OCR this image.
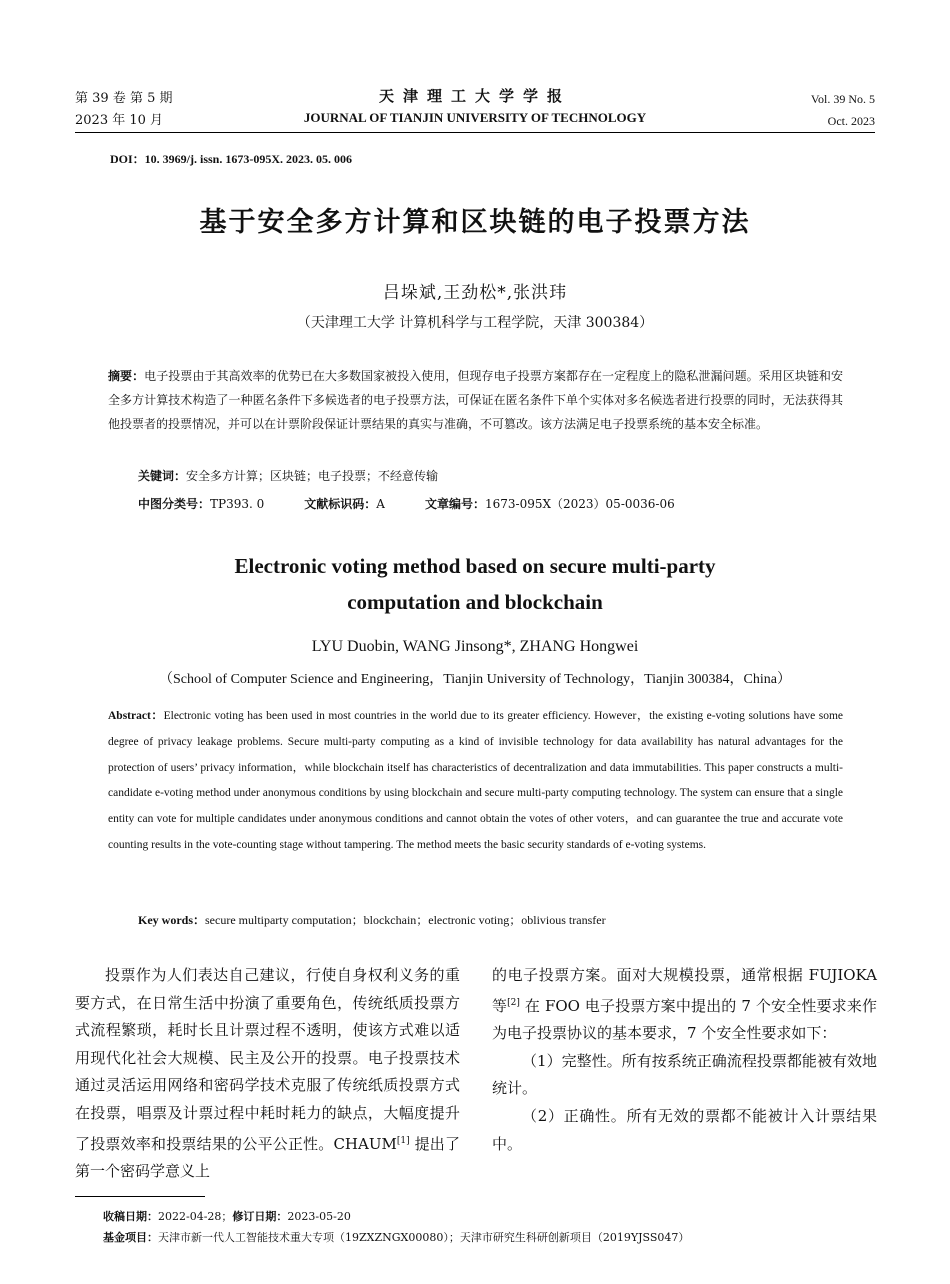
第 39 卷 第 5 期
2023 年 10 月
天津理工大学学报
JOURNAL OF TIANJIN UNIVERSITY OF TECHNOLOGY
Vol. 39 No. 5
Oct. 2023
DOI：10. 3969/j. issn. 1673-095X. 2023. 05. 006
基于安全多方计算和区块链的电子投票方法
吕垛斌,王劲松*,张洪玮
（天津理工大学 计算机科学与工程学院，天津 300384）
摘要：电子投票由于其高效率的优势已在大多数国家被投入使用，但现存电子投票方案都存在一定程度上的隐私泄漏问题。采用区块链和安全多方计算技术构造了一种匿名条件下多候选者的电子投票方法，可保证在匿名条件下单个实体对多名候选者进行投票的同时，无法获得其他投票者的投票情况，并可以在计票阶段保证计票结果的真实与准确，不可篡改。该方法满足电子投票系统的基本安全标准。
关键词：安全多方计算；区块链；电子投票；不经意传输
中图分类号：TP393. 0	文献标识码：A	文章编号：1673-095X（2023）05-0036-06
Electronic voting method based on secure multi-party
computation and blockchain
LYU Duobin, WANG Jinsong*, ZHANG Hongwei
（School of Computer Science and Engineering，Tianjin University of Technology，Tianjin 300384，China）
Abstract：Electronic voting has been used in most countries in the world due to its greater efficiency. However，the existing e-voting solutions have some degree of privacy leakage problems. Secure multi-party computing as a kind of invisible technology for data availability has natural advantages for the protection of users’ privacy information，while blockchain itself has characteristics of decentralization and data immutabilities. This paper constructs a multi-candidate e-voting method under anonymous conditions by using blockchain and secure multi-party computing technology. The system can ensure that a single entity can vote for multiple candidates under anonymous conditions and cannot obtain the votes of other voters，and can guarantee the true and accurate vote counting results in the vote-counting stage without tampering. The method meets the basic security standards of e-voting systems.
Key words：secure multiparty computation；blockchain；electronic voting；oblivious transfer

投票作为人们表达自己建议，行使自身权利义务的重要方式，在日常生活中扮演了重要角色，传统纸质投票方式流程繁琐，耗时长且计票过程不透明，使该方式难以适用现代化社会大规模、民主及公开的投票。电子投票技术通过灵活运用网络和密码学技术克服了传统纸质投票方式在投票，唱票及计票过程中耗时耗力的缺点，大幅度提升了投票效率和投票结果的公平公正性。CHAUM[1] 提出了第一个密码学意义上

的电子投票方案。面对大规模投票，通常根据 FUJIOKA 等[2] 在 FOO 电子投票方案中提出的 7 个安全性要求来作为电子投票协议的基本要求，7 个安全性要求如下：

（1）完整性。所有按系统正确流程投票都能被有效地统计。

（2）正确性。所有无效的票都不能被计入计票结果中。

收稿日期：2022-04-28；修订日期：2023-05-20
基金项目：天津市新一代人工智能技术重大专项（19ZXZNGX00080）；天津市研究生科研创新项目（2019YJSS047）
